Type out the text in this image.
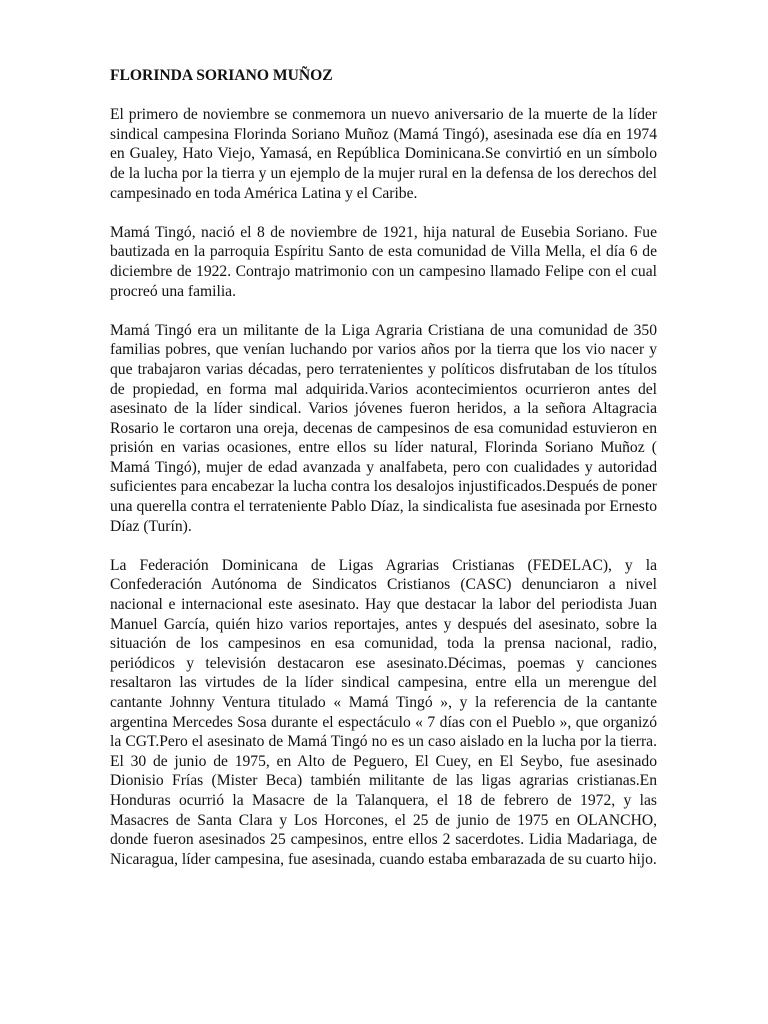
FLORINDA SORIANO MUÑOZ

El primero de noviembre se conmemora un nuevo aniversario de la muerte de la líder sindical campesina Florinda Soriano Muñoz (Mamá Tingó), asesinada ese día en 1974 en Gualey, Hato Viejo, Yamasá, en República Dominicana.Se convirtió en un símbolo de la lucha por la tierra y un ejemplo de la mujer rural en la defensa de los derechos del campesinado en toda América Latina y el Caribe.

Mamá Tingó, nació el 8 de noviembre de 1921, hija natural de Eusebia Soriano. Fue bautizada en la parroquia Espíritu Santo de esta comunidad de Villa Mella, el día 6 de diciembre de 1922. Contrajo matrimonio con un campesino llamado Felipe con el cual procreó una familia.

Mamá Tingó era un militante de la Liga Agraria Cristiana de una comunidad de 350 familias pobres, que venían luchando por varios años por la tierra que los vio nacer y que trabajaron varias décadas, pero terratenientes y políticos disfrutaban de los títulos de propiedad, en forma mal adquirida.Varios acontecimientos ocurrieron antes del asesinato de la líder sindical. Varios jóvenes fueron heridos, a la señora Altagracia Rosario le cortaron una oreja, decenas de campesinos de esa comunidad estuvieron en prisión en varias ocasiones, entre ellos su líder natural, Florinda Soriano Muñoz ( Mamá Tingó), mujer de edad avanzada y analfabeta, pero con cualidades y autoridad suficientes para encabezar la lucha contra los desalojos injustificados.Después de poner una querella contra el terrateniente Pablo Díaz, la sindicalista fue asesinada por Ernesto Díaz (Turín).

La Federación Dominicana de Ligas Agrarias Cristianas (FEDELAC), y la Confederación Autónoma de Sindicatos Cristianos (CASC) denunciaron a nivel nacional e internacional este asesinato. Hay que destacar la labor del periodista Juan Manuel García, quién hizo varios reportajes, antes y después del asesinato, sobre la situación de los campesinos en esa comunidad, toda la prensa nacional, radio, periódicos y televisión destacaron ese asesinato.Décimas, poemas y canciones resaltaron las virtudes de la líder sindical campesina, entre ella un merengue del cantante Johnny Ventura titulado « Mamá Tingó », y la referencia de la cantante argentina Mercedes Sosa durante el espectáculo « 7 días con el Pueblo », que organizó la CGT.Pero el asesinato de Mamá Tingó no es un caso aislado en la lucha por la tierra. El 30 de junio de 1975, en Alto de Peguero, El Cuey, en El Seybo, fue asesinado Dionisio Frías (Mister Beca) también militante de las ligas agrarias cristianas.En Honduras ocurrió la Masacre de la Talanquera, el 18 de febrero de 1972, y las Masacres de Santa Clara y Los Horcones, el 25 de junio de 1975 en OLANCHO, donde fueron asesinados 25 campesinos, entre ellos 2 sacerdotes. Lidia Madariaga, de Nicaragua, líder campesina, fue asesinada, cuando estaba embarazada de su cuarto hijo.
